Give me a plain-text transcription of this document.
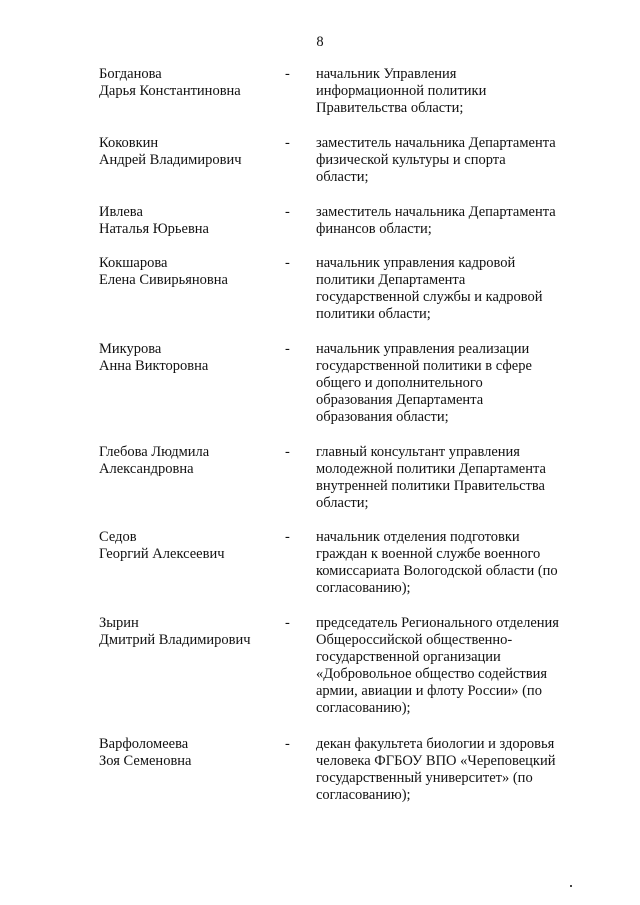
8
Богданова
Дарья Константиновна
-	начальник Управления
информационной политики
Правительства области;
Коковкин
Андрей Владимирович
-	заместитель начальника Департамента
физической культуры и спорта
области;
Ивлева
Наталья Юрьевна
-	заместитель начальника Департамента
финансов области;
Кокшарова
Елена Сивирьяновна
-	начальник управления кадровой
политики Департамента
государственной службы и кадровой
политики области;
Микурова
Анна Викторовна
-	начальник управления реализации
государственной политики в сфере
общего и дополнительного
образования Департамента
образования области;
Глебова Людмила
Александровна
-	главный консультант управления
молодежной политики Департамента
внутренней политики Правительства
области;
Седов
Георгий Алексеевич
-	начальник отделения подготовки
граждан к военной службе военного
комиссариата Вологодской области (по
согласованию);
Зырин
Дмитрий Владимирович
-	председатель Регионального отделения
Общероссийской общественно-
государственной организации
«Добровольное общество содействия
армии, авиации и флоту России» (по
согласованию);
Варфоломеева
Зоя Семеновна
-	декан факультета биологии и здоровья
человека ФГБОУ ВПО «Череповецкий
государственный университет» (по
согласованию);
